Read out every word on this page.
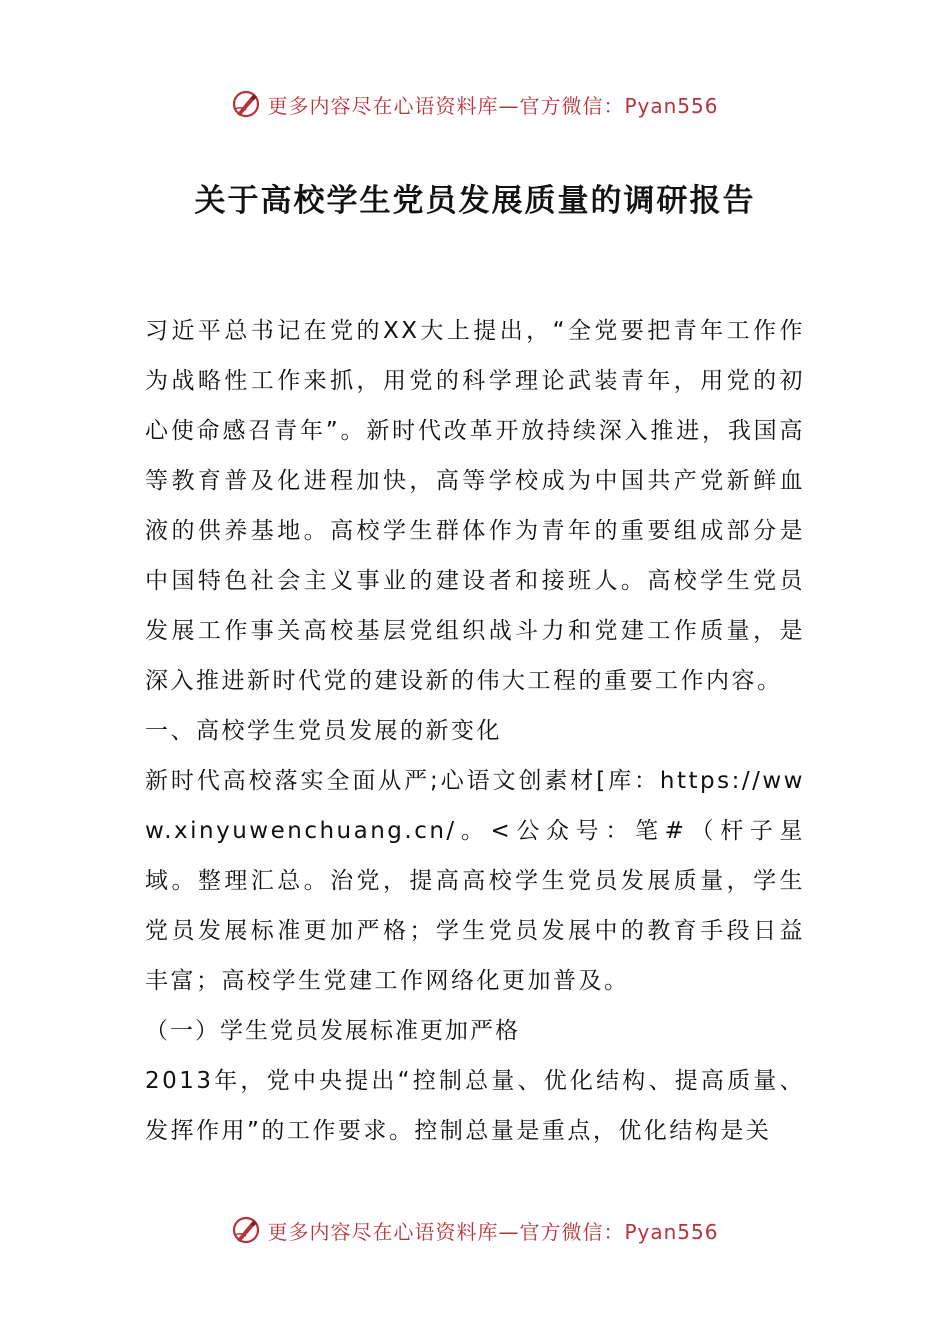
更多内容尽在心语资料库—官方微信：Pyan556
关于高校学生党员发展质量的调研报告

习近平总书记在党的XX大上提出，“全党要把青年工作作为战略性工作来抓，用党的科学理论武装青年，用党的初心使命感召青年”。新时代改革开放持续深入推进，我国高等教育普及化进程加快，高等学校成为中国共产党新鲜血液的供养基地。高校学生群体作为青年的重要组成部分是中国特色社会主义事业的建设者和接班人。高校学生党员发展工作事关高校基层党组织战斗力和党建工作质量，是深入推进新时代党的建设新的伟大工程的重要工作内容。

一、高校学生党员发展的新变化

新时代高校落实全面从严;心语文创素材[库：https://www.xinyuwenchuang.cn/。<公众号：笔#（杆子星域。整理汇总。治党，提高高校学生党员发展质量，学生党员发展标准更加严格；学生党员发展中的教育手段日益丰富；高校学生党建工作网络化更加普及。

（一）学生党员发展标准更加严格

2013年，党中央提出“控制总量、优化结构、提高质量、发挥作用”的工作要求。控制总量是重点，优化结构是关

更多内容尽在心语资料库—官方微信：Pyan556
